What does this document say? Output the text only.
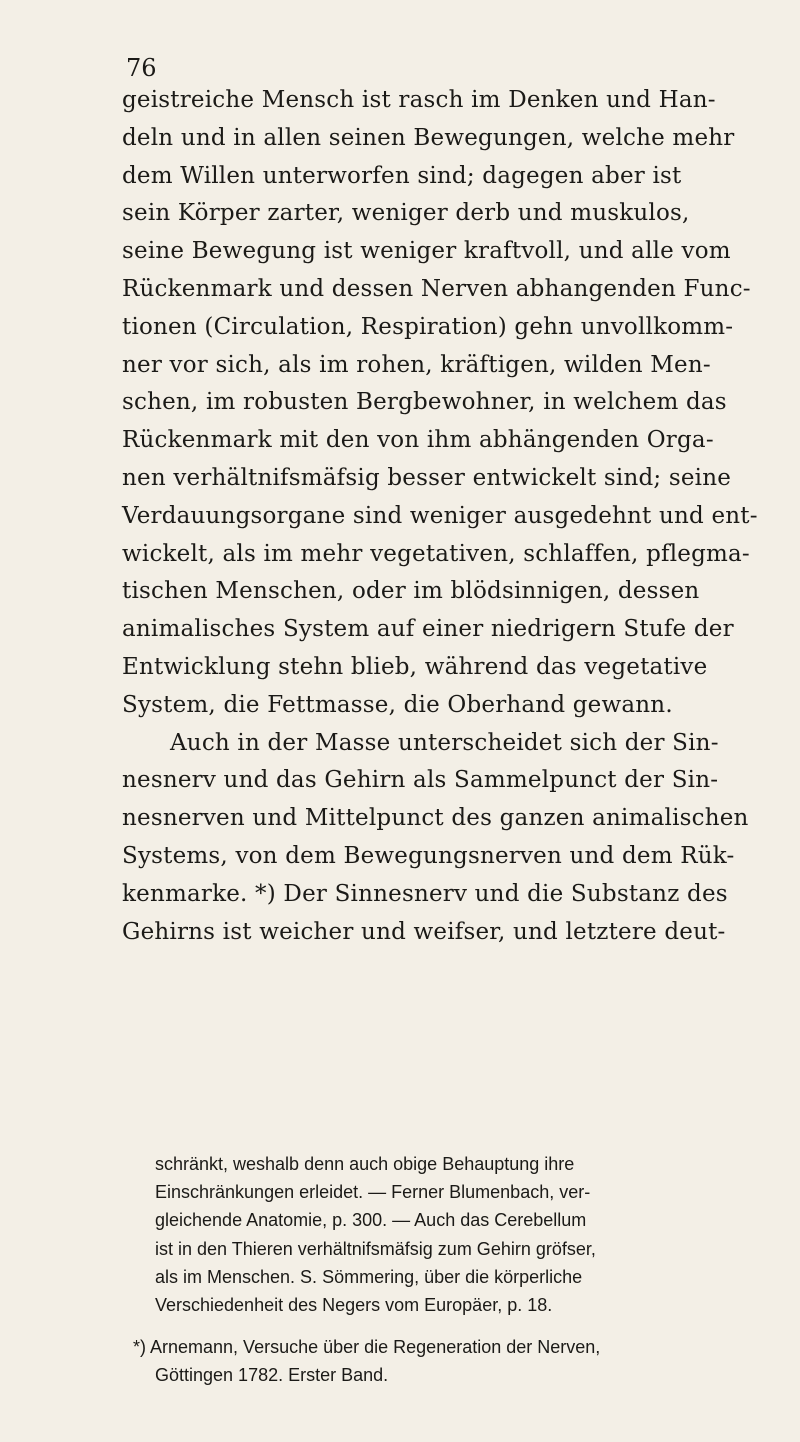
76
geistreiche Mensch ist rasch im Denken und Han-
deln und in allen seinen Bewegungen, welche mehr
dem Willen unterworfen sind; dagegen aber ist
sein Körper zarter, weniger derb und muskulos,
seine Bewegung ist weniger kraftvoll, und alle vom
Rückenmark und dessen Nerven abhangenden Func-
tionen (Circulation, Respiration) gehn unvollkomm-
ner vor sich, als im rohen, kräftigen, wilden Men-
schen, im robusten Bergbewohner, in welchem das
Rückenmark mit den von ihm abhängenden Orga-
nen verhältnifsmäfsig besser entwickelt sind; seine
Verdauungsorgane sind weniger ausgedehnt und ent-
wickelt, als im mehr vegetativen, schlaffen, pflegma-
tischen Menschen, oder im blödsinnigen, dessen
animalisches System auf einer niedrigern Stufe der
Entwicklung stehn blieb, während das vegetative
System, die Fettmasse, die Oberhand gewann.
Auch in der Masse unterscheidet sich der Sin-
nesnerv und das Gehirn als Sammelpunct der Sin-
nesnerven und Mittelpunct des ganzen animalischen
Systems, von dem Bewegungsnerven und dem Rük-
kenmarke. *) Der Sinnesnerv und die Substanz des
Gehirns ist weicher und weifser, und letztere deut-
schränkt, weshalb denn auch obige Behauptung ihre
Einschränkungen erleidet. — Ferner Blumenbach, ver-
gleichende Anatomie, p. 300. — Auch das Cerebellum
ist in den Thieren verhältnifsmäfsig zum Gehirn gröfser,
als im Menschen. S. Sömmering, über die körperliche
Verschiedenheit des Negers vom Europäer, p. 18.
*) Arnemann, Versuche über die Regeneration der Nerven,
Göttingen 1782. Erster Band.
